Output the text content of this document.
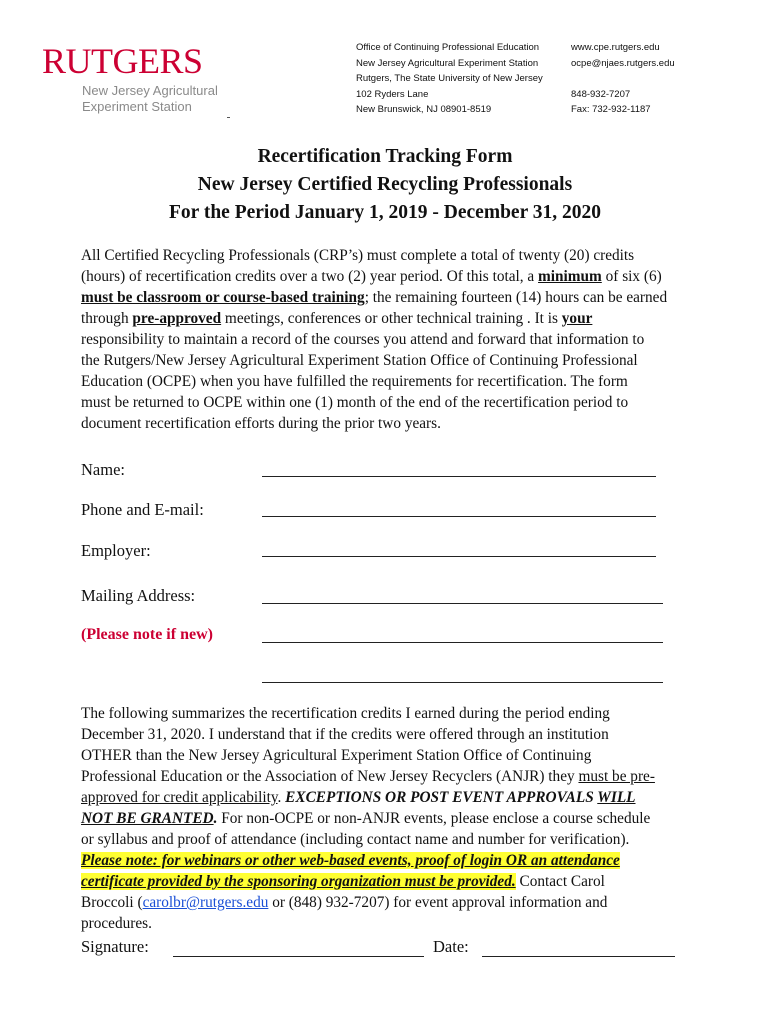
RUTGERS
New Jersey Agricultural
Experiment Station
Office of Continuing Professional Education
New Jersey Agricultural Experiment Station
Rutgers, The State University of New Jersey
102 Ryders Lane
New Brunswick, NJ 08901-8519
www.cpe.rutgers.edu
ocpe@njaes.rutgers.edu
848-932-7207
Fax: 732-932-1187
Recertification Tracking Form
New Jersey Certified Recycling Professionals
For the Period January 1, 2019 - December 31, 2020
All Certified Recycling Professionals (CRP’s) must complete a total of twenty (20) credits
(hours) of recertification credits over a two (2) year period. Of this total, a minimum of six (6)
must be classroom or course-based training; the remaining fourteen (14) hours can be earned
through pre-approved meetings, conferences or other technical training . It is your
responsibility to maintain a record of the courses you attend and forward that information to
the Rutgers/New Jersey Agricultural Experiment Station Office of Continuing Professional
Education (OCPE) when you have fulfilled the requirements for recertification. The form
must be returned to OCPE within one (1) month of the end of the recertification period to
document recertification efforts during the prior two years.
Name:
Phone and E-mail:
Employer:
Mailing Address:
(Please note if new)
The following summarizes the recertification credits I earned during the period ending
December 31, 2020. I understand that if the credits were offered through an institution
OTHER than the New Jersey Agricultural Experiment Station Office of Continuing
Professional Education or the Association of New Jersey Recyclers (ANJR) they must be pre-
approved for credit applicability. EXCEPTIONS OR POST EVENT APPROVALS WILL
NOT BE GRANTED. For non-OCPE or non-ANJR events, please enclose a course schedule
or syllabus and proof of attendance (including contact name and number for verification).
Please note: for webinars or other web-based events, proof of login OR an attendance
certificate provided by the sponsoring organization must be provided. Contact Carol
Broccoli (carolbr@rutgers.edu or (848) 932-7207) for event approval information and
procedures.
Signature:	Date:
